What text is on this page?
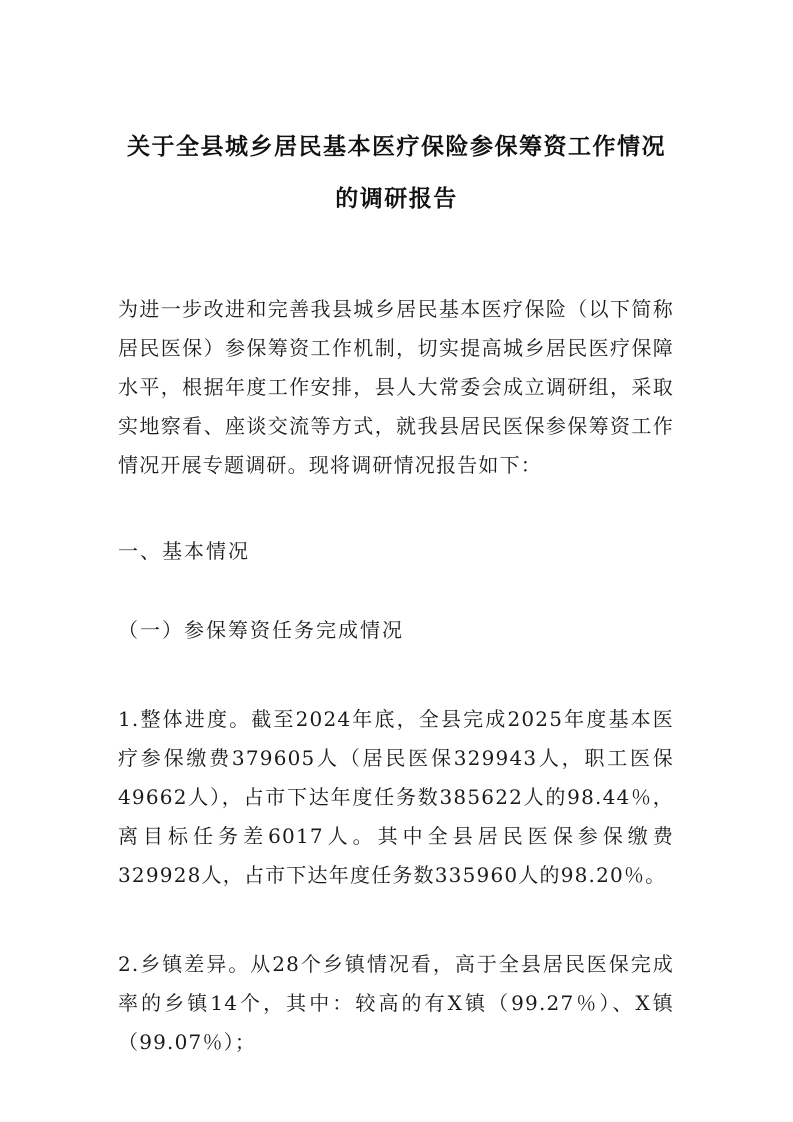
关于全县城乡居民基本医疗保险参保筹资工作情况
的调研报告
为进一步改进和完善我县城乡居民基本医疗保险（以下简称居民医保）参保筹资工作机制，切实提高城乡居民医疗保障水平，根据年度工作安排，县人大常委会成立调研组，采取实地察看、座谈交流等方式，就我县居民医保参保筹资工作情况开展专题调研。现将调研情况报告如下：
一、基本情况
（一）参保筹资任务完成情况
1.整体进度。截至2024年底，全县完成2025年度基本医疗参保缴费379605人（居民医保329943人，职工医保49662人），占市下达年度任务数385622人的98.44％，离目标任务差6017人。其中全县居民医保参保缴费329928人，占市下达年度任务数335960人的98.20％。
2.乡镇差异。从28个乡镇情况看，高于全县居民医保完成率的乡镇14个，其中：较高的有X镇（99.27％）、X镇（99.07％）；
